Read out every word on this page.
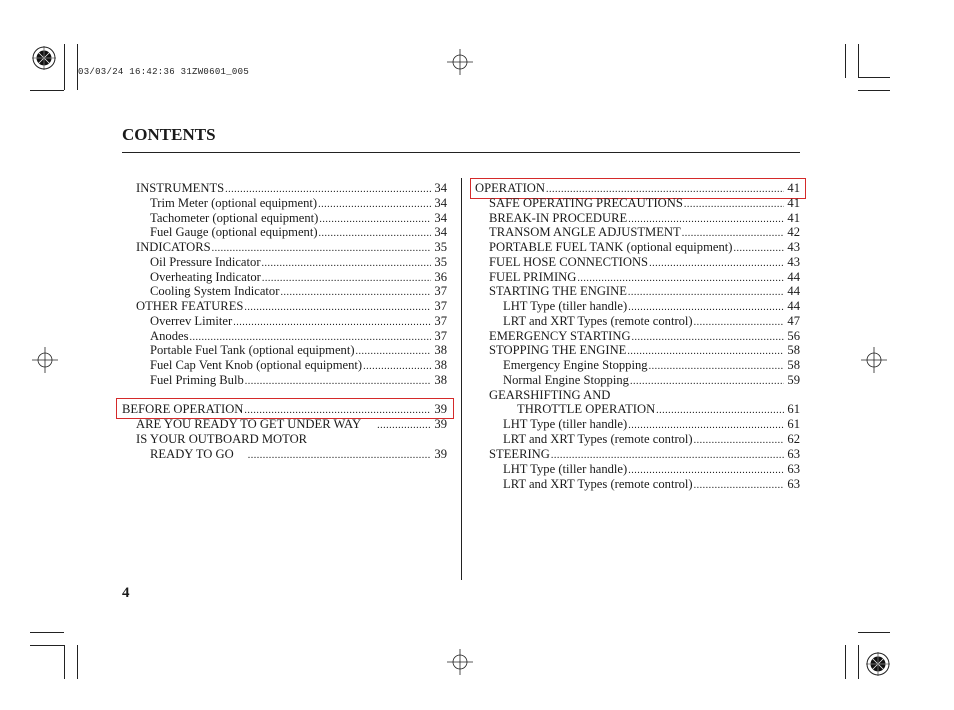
03/03/24 16:42:36 31ZW0601_005
CONTENTS
INSTRUMENTS .....	34
Trim Meter (optional equipment) .....	34
Tachometer (optional equipment) .....	34
Fuel Gauge (optional equipment) .....	34
INDICATORS .....	35
Oil Pressure Indicator .....	35
Overheating Indicator .....	36
Cooling System Indicator .....	37
OTHER FEATURES .....	37
Overrev Limiter .....	37
Anodes .....	37
Portable Fuel Tank (optional equipment) .....	38
Fuel Cap Vent Knob (optional equipment) .....	38
Fuel Priming Bulb .....	38
BEFORE OPERATION .....	39
ARE YOU READY TO GET UNDER WAY .....	39
IS YOUR OUTBOARD MOTOR
READY TO GO .....	39
OPERATION .....	41
SAFE OPERATING PRECAUTIONS .....	41
BREAK-IN PROCEDURE .....	41
TRANSOM ANGLE ADJUSTMENT .....	42
PORTABLE FUEL TANK (optional equipment) .....	43
FUEL HOSE CONNECTIONS .....	43
FUEL PRIMING .....	44
STARTING THE ENGINE .....	44
LHT Type (tiller handle) .....	44
LRT and XRT Types (remote control) .....	47
EMERGENCY STARTING .....	56
STOPPING THE ENGINE .....	58
Emergency Engine Stopping .....	58
Normal Engine Stopping .....	59
GEARSHIFTING AND
THROTTLE OPERATION .....	61
LHT Type (tiller handle) .....	61
LRT and XRT Types (remote control) .....	62
STEERING .....	63
LHT Type (tiller handle) .....	63
LRT and XRT Types (remote control) .....	63
4
